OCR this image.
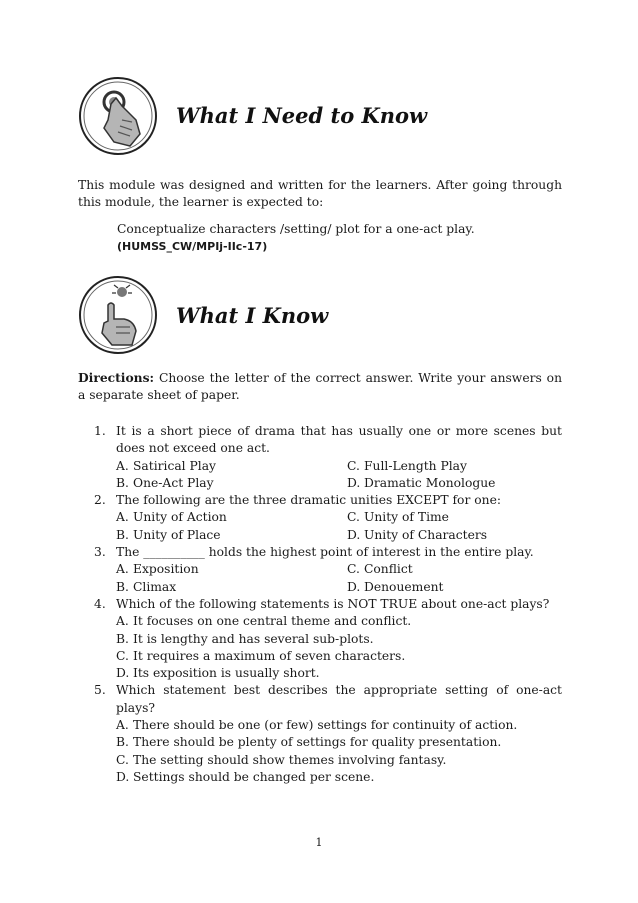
What I Need to Know

This module was designed and written for the learners. After going through this module, the learner is expected to:

Conceptualize characters /setting/ plot for a one-act play.

(HUMSS_CW/MPIj-IIc-17)

What I Know

Directions: Choose the letter of the correct answer. Write your answers on a separate sheet of paper.

1. It is a short piece of drama that has usually one or more scenes but does not exceed one act.
A. Satirical Play	C. Full-Length Play
B. One-Act Play	D. Dramatic Monologue
2. The following are the three dramatic unities EXCEPT for one:
A. Unity of Action	C. Unity of Time
B. Unity of Place	D. Unity of Characters
3. The __________ holds the highest point of interest in the entire play.
A. Exposition	C. Conflict
B. Climax	D. Denouement
4. Which of the following statements is NOT TRUE about one-act plays?
A. It focuses on one central theme and conflict.
B. It is lengthy and has several sub-plots.
C. It requires a maximum of seven characters.
D. Its exposition is usually short.
5. Which statement best describes the appropriate setting of one-act plays?
A. There should be one (or few) settings for continuity of action.
B. There should be plenty of settings for quality presentation.
C. The setting should show themes involving fantasy.
D. Settings should be changed per scene.
1
